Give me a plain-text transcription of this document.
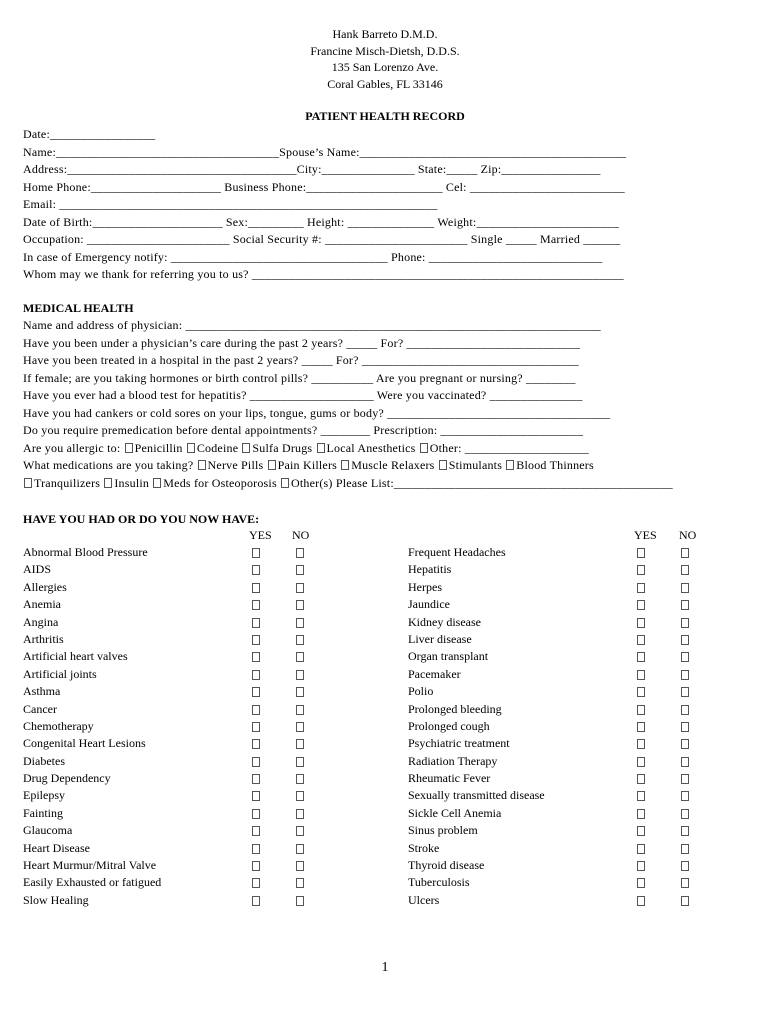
Hank Barreto D.M.D.
Francine Misch-Dietsh, D.D.S.
135 San Lorenzo Ave.
Coral Gables, FL 33146
PATIENT HEALTH RECORD
Date:_________________
Name:____________________________________Spouse’s Name:___________________________________________
Address:_____________________________________City:_______________ State:_____ Zip:________________
Home Phone:_____________________ Business Phone:______________________ Cel: _________________________
Email: _____________________________________________________________
Date of Birth:_____________________ Sex:_________ Height: ______________ Weight:_______________________
Occupation: _______________________ Social Security #: _______________________ Single _____ Married ______
In case of Emergency notify: ___________________________________ Phone: ____________________________
Whom may we thank for referring you to us? ____________________________________________________________
MEDICAL HEALTH
Name and address of physician: ___________________________________________________________________
Have you been under a physician’s care during the past 2 years? _____ For? ____________________________
Have you been treated in a hospital in the past 2 years? _____ For? ___________________________________
If female; are you taking hormones or birth control pills? __________ Are you pregnant or nursing? ________
Have you ever had a blood test for hepatitis? ____________________ Were you vaccinated? _______________
Have you had cankers or cold sores on your lips, tongue, gums or body? ____________________________________
Do you require premedication before dental appointments? ________ Prescription: _______________________
Are you allergic to: Penicillin Codeine Sulfa Drugs Local Anesthetics Other: ____________________
What medications are you taking? Nerve Pills Pain Killers Muscle Relaxers Stimulants Blood Thinners
Tranquilizers Insulin Meds for Osteoporosis Other(s) Please List:_____________________________________________
HAVE YOU HAD OR DO YOU NOW HAVE:
YES NO	YES NO
Abnormal Blood Pressure
AIDS
Allergies
Anemia
Angina
Arthritis
Artificial heart valves
Artificial joints
Asthma
Cancer
Chemotherapy
Congenital Heart Lesions
Diabetes
Drug Dependency
Epilepsy
Fainting
Glaucoma
Heart Disease
Heart Murmur/Mitral Valve
Easily Exhausted or fatigued
Slow Healing
Frequent Headaches
Hepatitis
Herpes
Jaundice
Kidney disease
Liver disease
Organ transplant
Pacemaker
Polio
Prolonged bleeding
Prolonged cough
Psychiatric treatment
Radiation Therapy
Rheumatic Fever
Sexually transmitted disease
Sickle Cell Anemia
Sinus problem
Stroke
Thyroid disease
Tuberculosis
Ulcers
1
